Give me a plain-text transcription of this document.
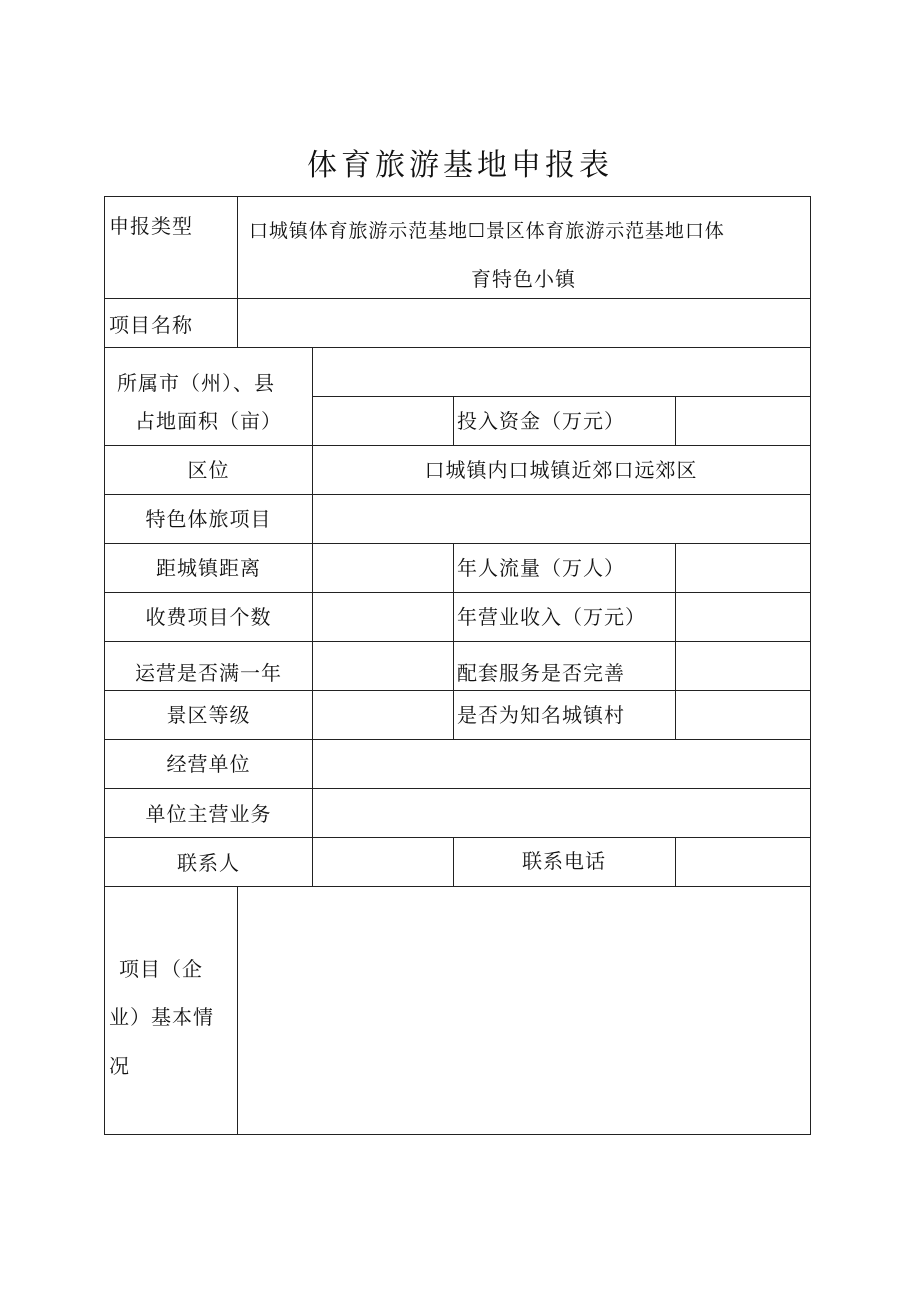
体育旅游基地申报表
申报类型	口城镇体育旅游示范基地☐景区体育旅游示范基地口体
育特色小镇
项目名称
所属市（州）、县
占地面积（亩）	投入资金（万元）
区位	口城镇内口城镇近郊口远郊区
特色体旅项目
距城镇距离	年人流量（万人）
收费项目个数	年营业收入（万元）
运营是否满一年	配套服务是否完善
景区等级	是否为知名城镇村
经营单位
单位主营业务
联系人	联系电话
项目（企
业）基本情
况
